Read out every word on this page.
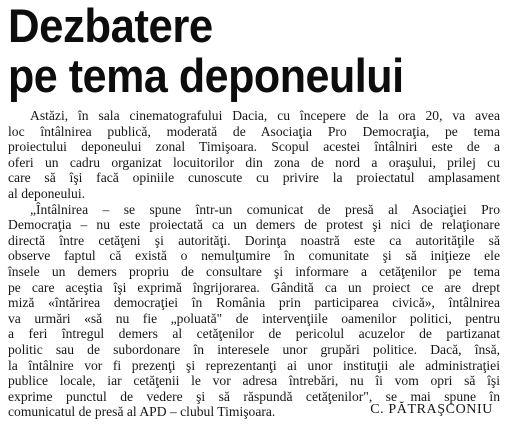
Dezbatere
pe tema deponeului
Astăzi, în sala cinematografului Dacia, cu începere de la ora 20, va avea
loc întâlnirea publică, moderată de Asociaţia Pro Democraţia, pe tema
proiectului deponeului zonal Timişoara. Scopul acestei întâlniri este de a
oferi un cadru organizat locuitorilor din zona de nord a oraşului, prilej cu
care să îşi facă opiniile cunoscute cu privire la proiectatul amplasament
al deponeului.
„Întâlnirea – se spune într-un comunicat de presă al Asociaţiei Pro
Democraţia – nu este proiectată ca un demers de protest şi nici de relaţionare
directă între cetăţeni şi autorităţi. Dorinţa noastră este ca autorităţile să
observe faptul că există o nemulţumire în comunitate şi să iniţieze ele
însele un demers propriu de consultare şi informare a cetăţenilor pe tema
pe care aceştia îşi exprimă îngrijorarea. Gândită ca un proiect ce are drept
miză «întărirea democraţiei în România prin participarea civică», întâlnirea
va urmări «să nu fie „poluată" de intervenţiile oamenilor politici, pentru
a feri întregul demers al cetăţenilor de pericolul acuzelor de partizanat
politic sau de subordonare în interesele unor grupări politice. Dacă, însă,
la întâlnire vor fi prezenţi şi reprezentanţi ai unor instituţii ale administraţiei
publice locale, iar cetăţenii le vor adresa întrebări, nu îi vom opri să îşi
exprime punctul de vedere şi să răspundă cetăţenilor", se mai spune în
comunicatul de presă al APD – clubul Timişoara.	C. PĂTRAŞCONIU
